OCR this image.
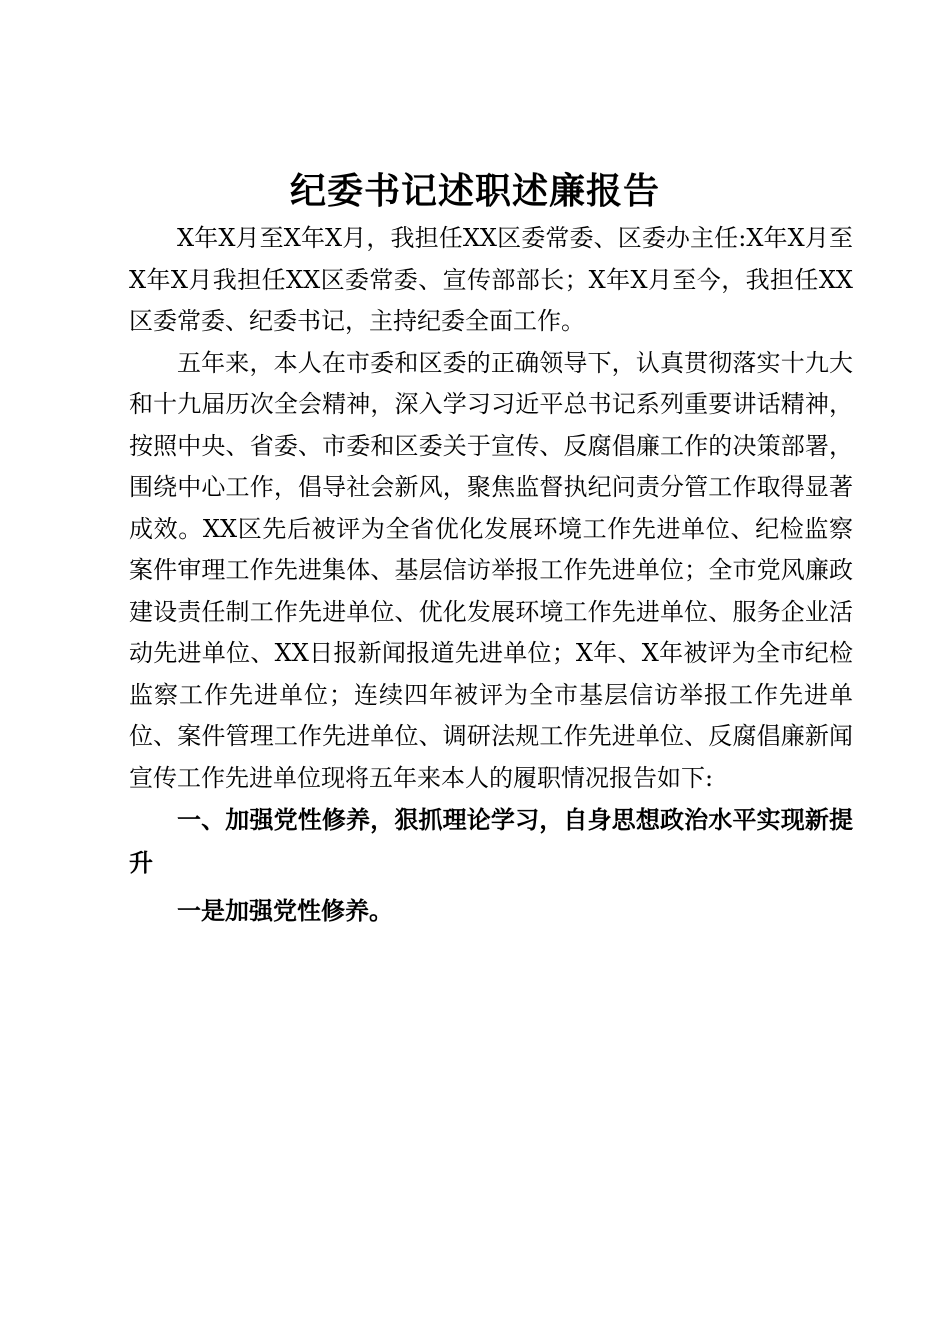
纪委书记述职述廉报告

X年X月至X年X月，我担任XX区委常委、区委办主任:X年X月至X年X月我担任XX区委常委、宣传部部长；X年X月至今，我担任XX区委常委、纪委书记，主持纪委全面工作。

五年来，本人在市委和区委的正确领导下，认真贯彻落实十九大和十九届历次全会精神，深入学习习近平总书记系列重要讲话精神，按照中央、省委、市委和区委关于宣传、反腐倡廉工作的决策部署，围绕中心工作，倡导社会新风，聚焦监督执纪问责分管工作取得显著成效。XX区先后被评为全省优化发展环境工作先进单位、纪检监察案件审理工作先进集体、基层信访举报工作先进单位；全市党风廉政建设责任制工作先进单位、优化发展环境工作先进单位、服务企业活动先进单位、XX日报新闻报道先进单位；X年、X年被评为全市纪检监察工作先进单位；连续四年被评为全市基层信访举报工作先进单位、案件管理工作先进单位、调研法规工作先进单位、反腐倡廉新闻宣传工作先进单位现将五年来本人的履职情况报告如下:

一、加强党性修养，狠抓理论学习，自身思想政治水平实现新提升

一是加强党性修养。
